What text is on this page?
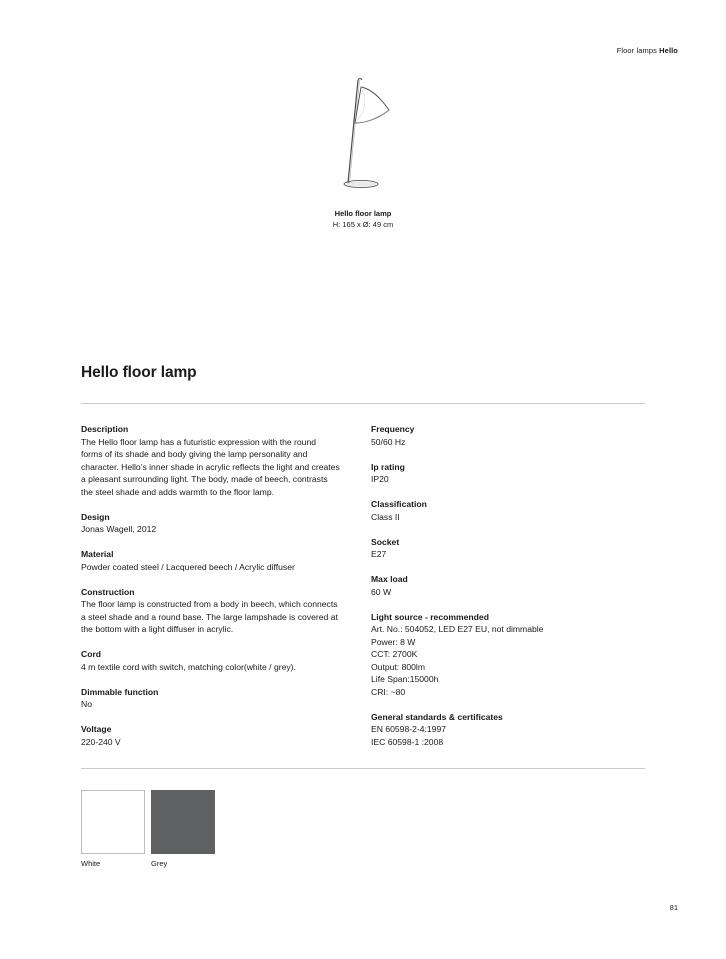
Floor lamps Hello
Hello floor lamp
H: 165 x Ø: 49 cm
Hello floor lamp
Description
The Hello floor lamp has a futuristic expression with the round
forms of its shade and body giving the lamp personality and
character. Hello’s inner shade in acrylic reflects the light and creates
a pleasant surrounding light. The body, made of beech, contrasts
the steel shade and adds warmth to the floor lamp.
Design
Jonas Wagell, 2012
Material
Powder coated steel / Lacquered beech / Acrylic diffuser
Construction
The floor lamp is constructed from a body in beech, which connects
a steel shade and a round base. The large lampshade is covered at
the bottom with a light diffuser in acrylic.
Cord
4 m textile cord with switch, matching color(white / grey).
Dimmable function
No
Voltage
220-240 V
Frequency
50/60 Hz
Ip rating
IP20
Classification
Class II
Socket
E27
Max load
60 W
Light source - recommended
Art. No.: 504052, LED E27 EU, not dimmable
Power: 8 W
CCT: 2700K
Output: 800lm
Life Span:15000h
CRI: ~80
General standards & certificates
EN 60598-2-4:1997
IEC 60598-1 :2008
White	Grey
81
